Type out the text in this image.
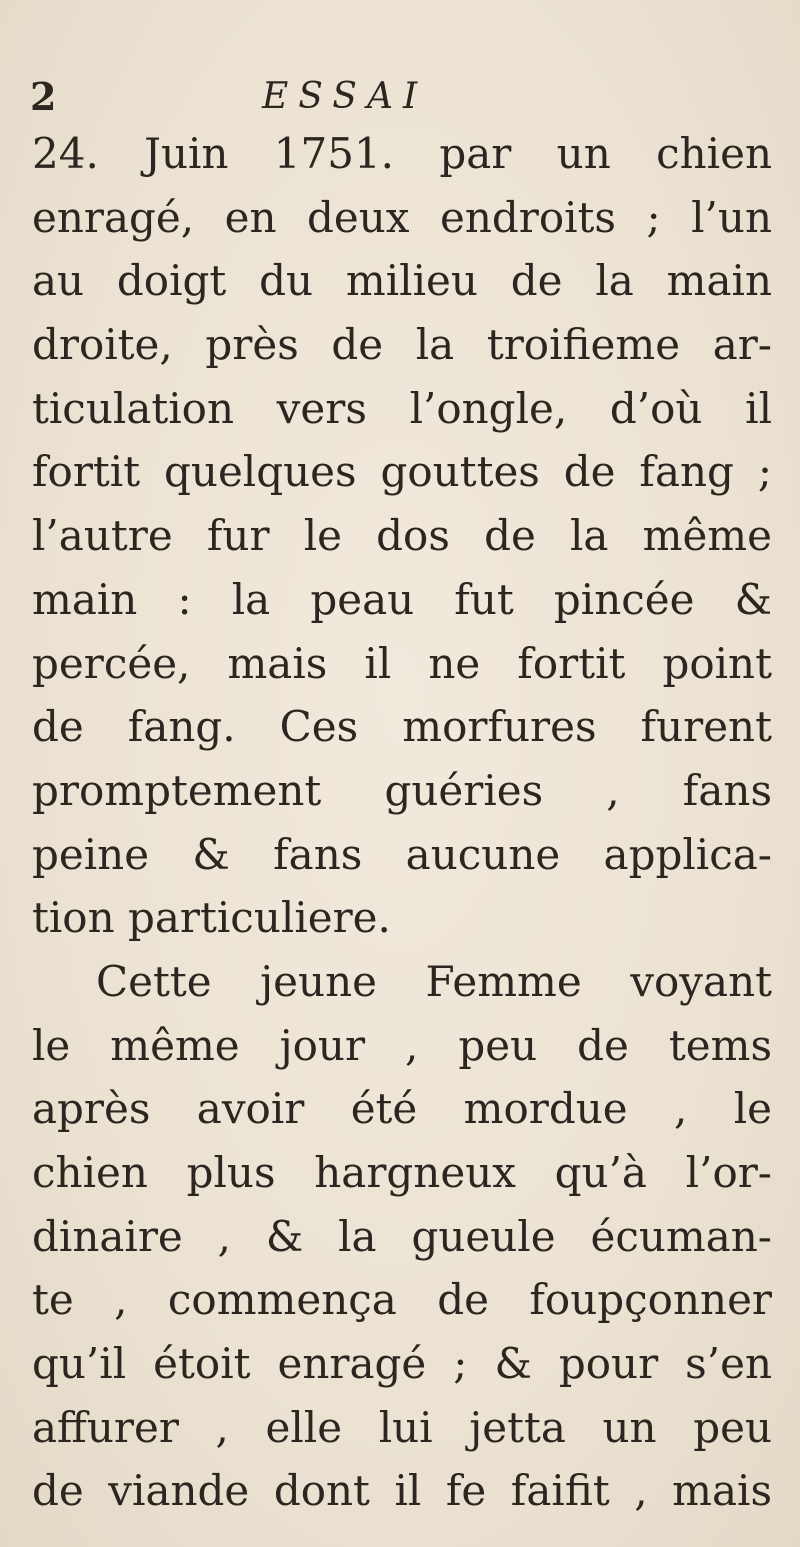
2	ESSAI
24. Juin 1751. par un chien
enragé, en deux endroits ; l’un
au doigt du milieu de la main
droite, près de la troifieme ar-
ticulation vers l’ongle, d’où il
fortit quelques gouttes de fang ;
l’autre fur le dos de la même
main : la peau fut pincée &
percée, mais il ne fortit point
de fang. Ces morfures furent
promptement guéries , fans
peine & fans aucune applica-
tion particuliere.
Cette jeune Femme voyant
le même jour , peu de tems
après avoir été mordue , le
chien plus hargneux qu’à l’or-
dinaire , & la gueule écuman-
te , commença de foupçonner
qu’il étoit enragé ; & pour s’en
affurer , elle lui jetta un peu
de viande dont il fe faifit , mais
